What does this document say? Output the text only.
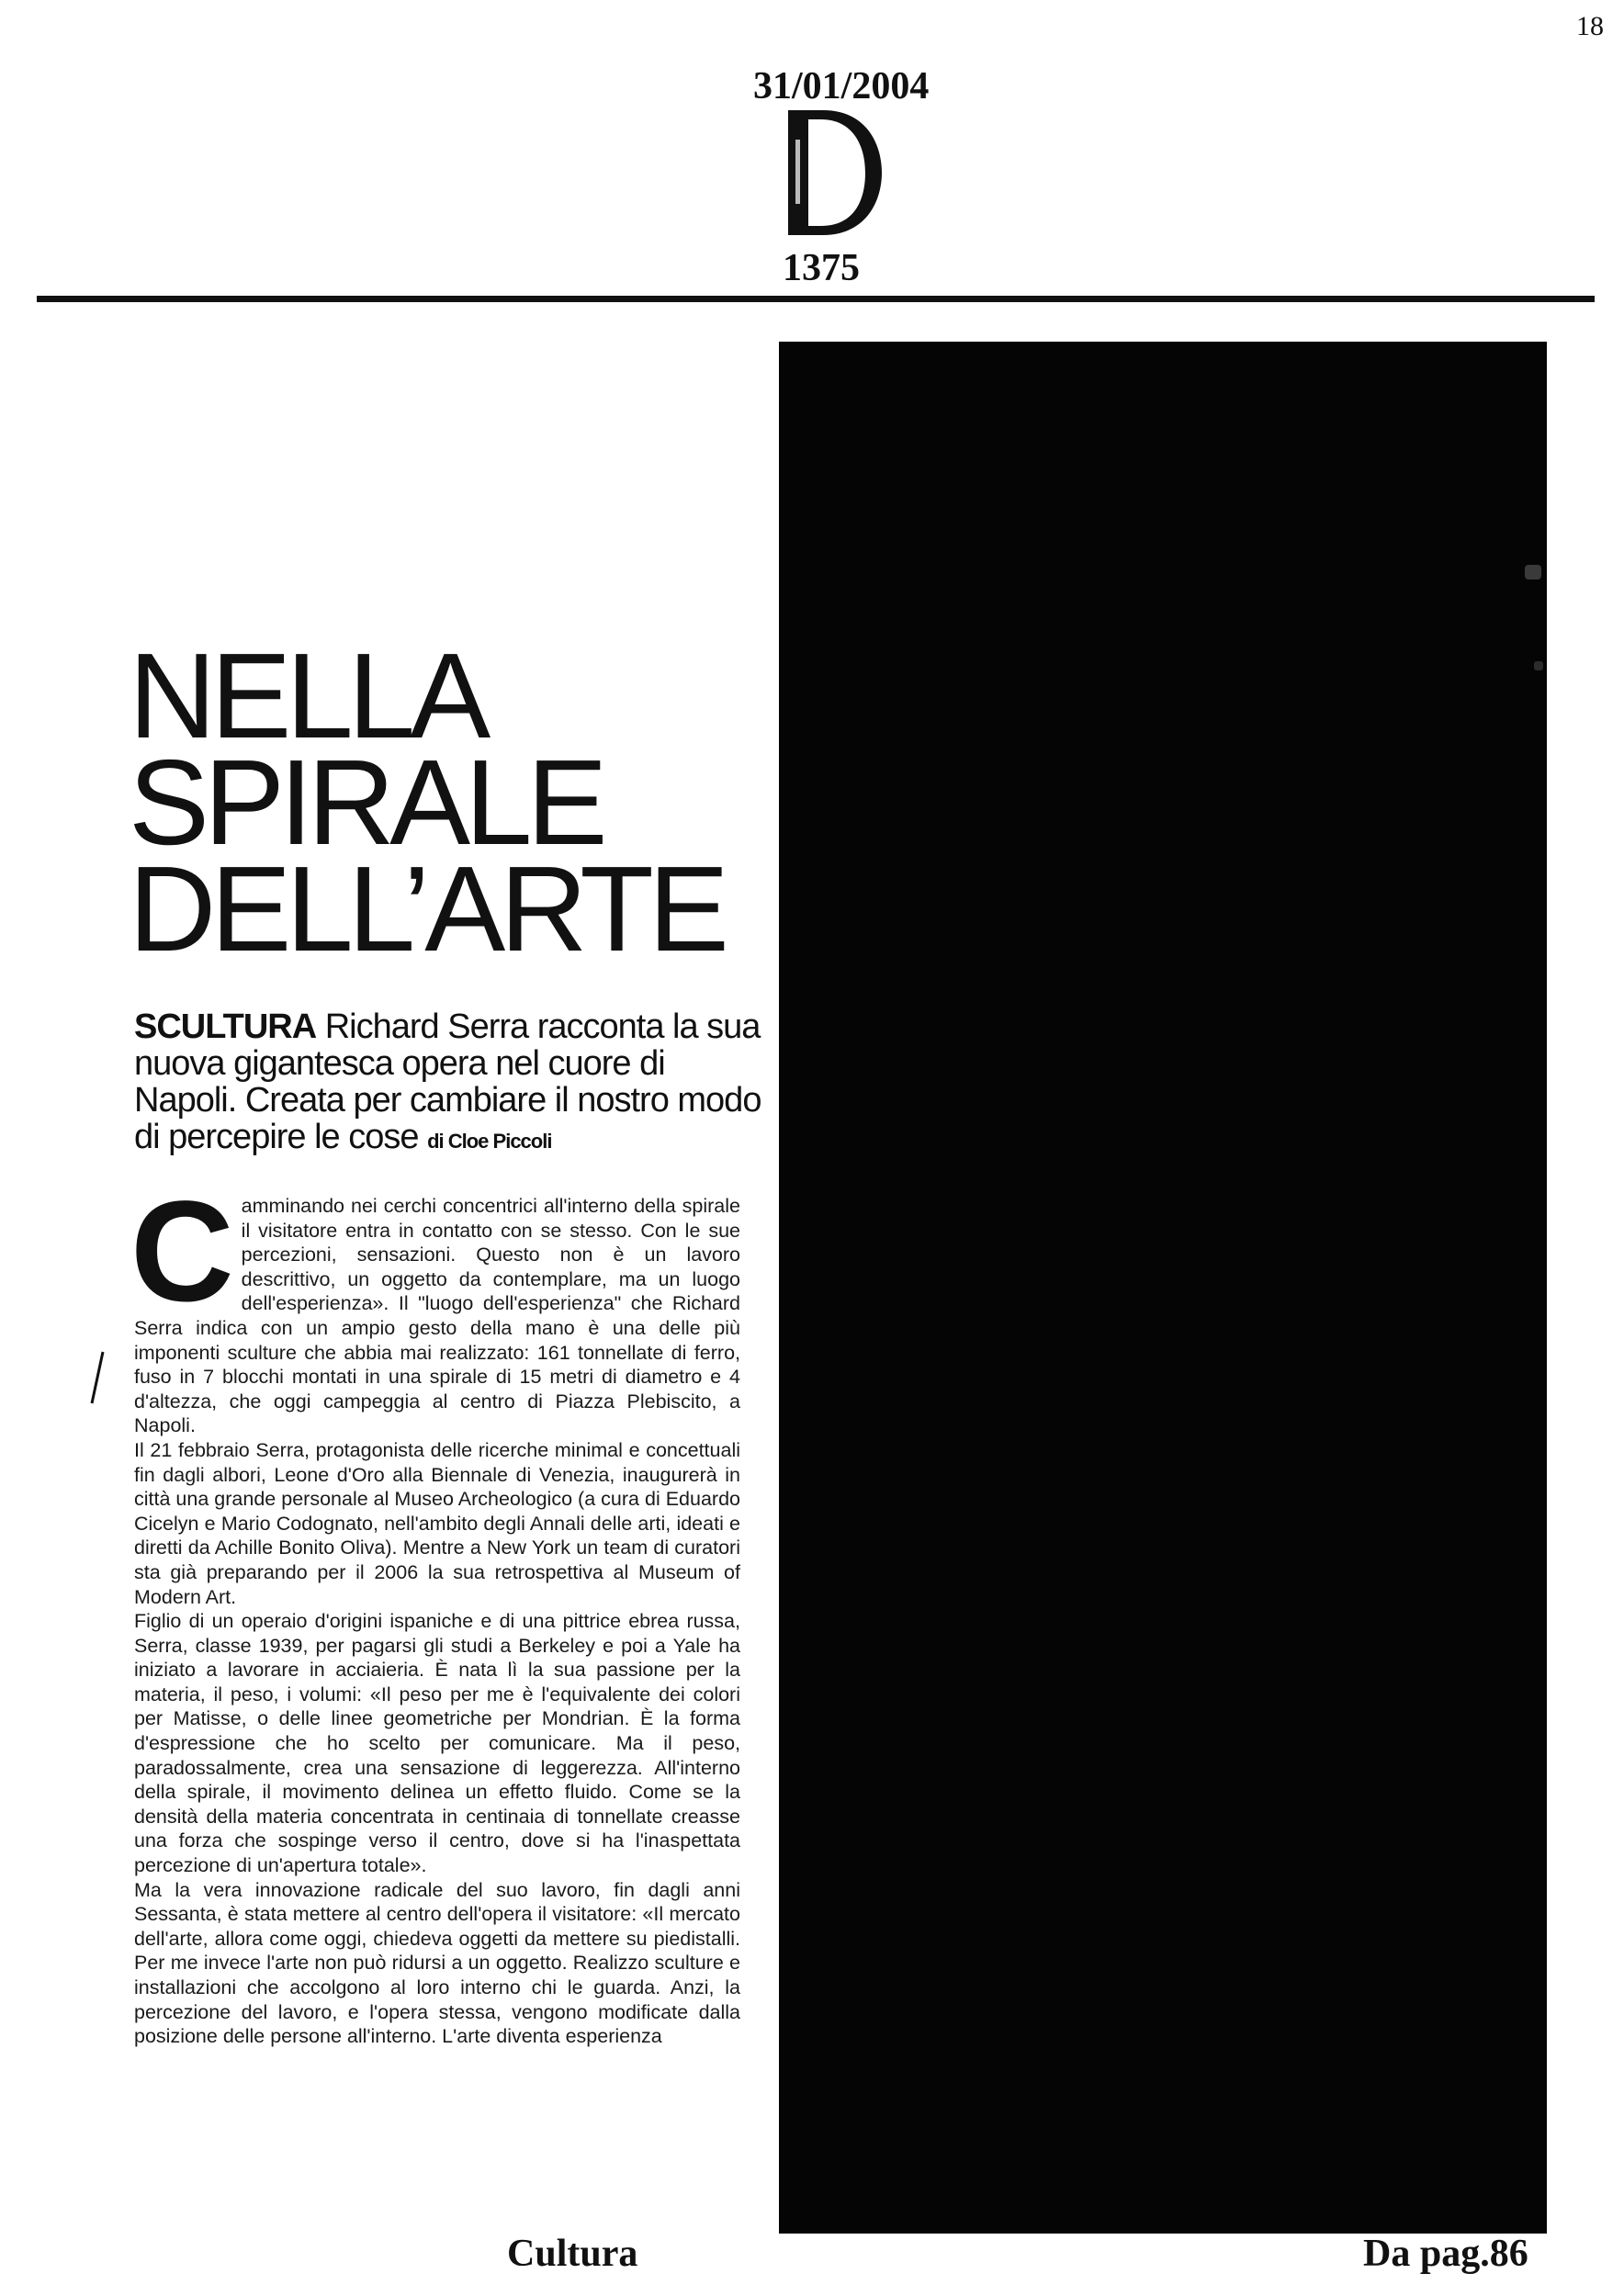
18
31/01/2004
1375
NELLA
SPIRALE
DELL’ARTE
SCULTURA Richard Serra racconta la sua nuova gigantesca opera nel cuore di Napoli. Creata per cambiare il nostro modo di percepire le cose di Cloe Piccoli
C amminando nei cerchi concentrici all'interno della spirale il visitatore entra in contatto con se stesso. Con le sue percezioni, sensazioni. Questo non è un lavoro descrittivo, un oggetto da contemplare, ma un luogo dell'esperienza». Il "luogo dell'esperienza" che Richard Serra indica con un ampio gesto della mano è una delle più imponenti sculture che abbia mai realizzato: 161 tonnellate di ferro, fuso in 7 blocchi montati in una spirale di 15 metri di diametro e 4 d'altezza, che oggi campeggia al centro di Piazza Plebiscito, a Napoli.

Il 21 febbraio Serra, protagonista delle ricerche minimal e concettuali fin dagli albori, Leone d'Oro alla Biennale di Venezia, inaugurerà in città una grande personale al Museo Archeologico (a cura di Eduardo Cicelyn e Mario Codognato, nell'ambito degli Annali delle arti, ideati e diretti da Achille Bonito Oliva). Mentre a New York un team di curatori sta già preparando per il 2006 la sua retrospettiva al Museum of Modern Art.

Figlio di un operaio d'origini ispaniche e di una pittrice ebrea russa, Serra, classe 1939, per pagarsi gli studi a Berkeley e poi a Yale ha iniziato a lavorare in acciaieria. È nata lì la sua passione per la materia, il peso, i volumi: «Il peso per me è l'equivalente dei colori per Matisse, o delle linee geometriche per Mondrian. È la forma d'espressione che ho scelto per comunicare. Ma il peso, paradossalmente, crea una sensazione di leggerezza. All'interno della spirale, il movimento delinea un effetto fluido. Come se la densità della materia concentrata in centinaia di tonnellate creasse una forza che sospinge verso il centro, dove si ha l'inaspettata percezione di un'apertura totale».

Ma la vera innovazione radicale del suo lavoro, fin dagli anni Sessanta, è stata mettere al centro dell'opera il visitatore: «Il mercato dell'arte, allora come oggi, chiedeva oggetti da mettere su piedistalli. Per me invece l'arte non può ridursi a un oggetto. Realizzo sculture e installazioni che accolgono al loro interno chi le guarda. Anzi, la percezione del lavoro, e l'opera stessa, vengono modificate dalla posizione delle persone all'interno. L'arte diventa esperienza

Cultura	Da pag.86
